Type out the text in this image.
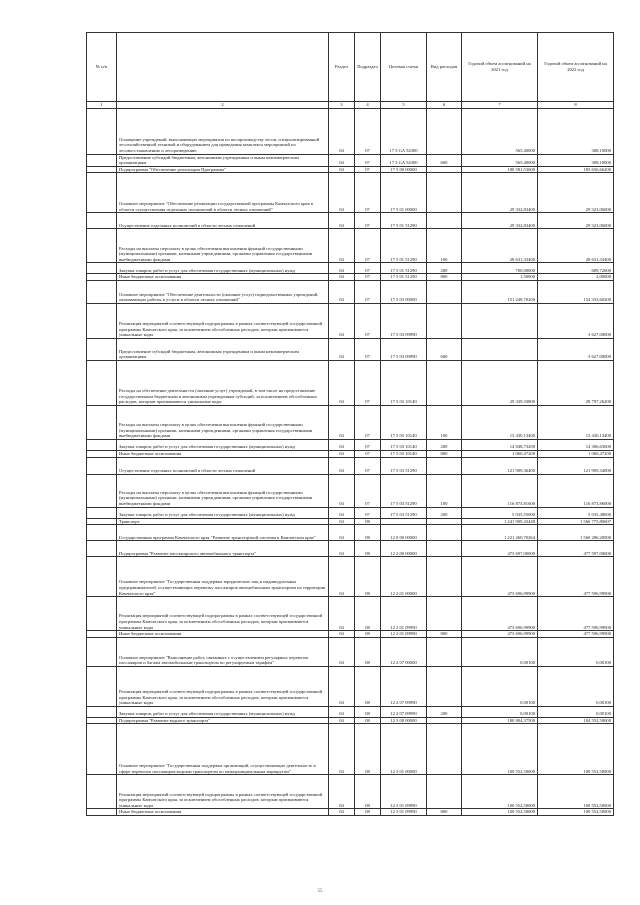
№ п/п		Раздел	Подраздел	Целевая статья	Вид расходов	Годовой объем ассигнований на 2021 год	Годовой объем ассигнований на 2022 год
1	2	3	4	5	6	7	8
	Оснащение учреждений, выполняющих мероприятия по воспроизводству лесов, специализированной лесохозяйственной техникой и оборудованием для проведения комплекса мероприятий по лесовосстановлению и лесоразведению	04	07	17 3 GA 54300		565,40000	308,10000
	Предоставление субсидий бюджетным, автономным учреждениям и иным некоммерческим организациям	04	07	17 3 GA 54300	600	565,40000	308,10000
	Подпрограмма "Обеспечение реализации Программы"	04	07	17 5 00 00000		180 581,53600	183 656,66200
	Основное мероприятие "Обеспечение реализации государственной программы Камчатского края в области осуществления отдельных полномочий в области лесных отношений"	04	07	17 5 01 00000		29 332,83400	29 323,06000
	Осуществление отдельных полномочий в области лесных отношений	04	07	17 5 01 51290		29 332,83400	29 323,06000
	Расходы на выплаты персоналу в целях обеспечения выполнения функций государственными (муниципальными) органами, казенными учреждениями, органами управления государственными внебюджетными фондами	04	07	17 5 01 51290	100	28 631,33400	28 631,33400
	Закупка товаров, работ и услуг для обеспечения государственных (муниципальных) нужд	04	07	17 5 01 51290	200	700,00000	689,72600
	Иные бюджетные ассигнования	04	07	17 5 01 51290	800	1,50000	2,00000
	Основное мероприятие "Обеспечение деятельности (оказание услуг) подведомственных учреждений, оказывающих работы и услуги в области лесных отношений"	04	07	17 5 03 00000		151 248,70200	154 333,60200
	Реализация мероприятий соответствующей подпрограммы в рамках соответствующей государственной программы Камчатского края, за исключением обособленных расходов, которым присваиваются уникальные коды	04	07	17 5 03 09990			3 627,00000
	Предоставление субсидий бюджетным, автономным учреждениям и иным некоммерческим организациям	04	07	17 5 03 09990	600		3 627,00000
	Расходы на обеспечение деятельности (оказание услуг) учреждений, в том числе на предоставление государственным бюджетным и автономным учреждениям субсидий, за исключением обособленных расходов, которым присваиваются уникальные коды	04	07	17 5 03 10140		29 339,33800	28 797,26200
	Расходы на выплаты персоналу в целях обеспечения выполнения функций государственными (муниципальными) органами, казенными учреждениями, органами управления государственными внебюджетными фондами	04	07	17 5 03 10140	100	13 430,13400	13 430,13400
	Закупка товаров, работ и услуг для обеспечения государственных (муниципальных) нужд	04	07	17 5 03 10140	200	14 848,73200	14 306,65600
	Иные бюджетные ассигнования	04	07	17 5 03 10140	800	1 060,47200	1 060,47200
	Осуществление отдельных полномочий в области лесных отношений	04	07	17 5 03 51290		121 909,36400	121 909,34000
	Расходы на выплаты персоналу в целях обеспечения выполнения функций государственными (муниципальными) органами, казенными учреждениями, органами управления государственными внебюджетными фондами	04	07	17 5 03 51290	100	116 873,81600	116 873,86000
	Закупка товаров, работ и услуг для обеспечения государственных (муниципальных) нужд	04	07	17 5 03 51290	200	5 035,55000	5 035,48000
	Транспорт	04	08			1 241 909,43448	1 566 775,80607
	Государственная программа Камчатского края "Развитие транспортной системы в Камчатском крае"	04	08	12 0 00 00000		1 221 260,70264	1 560 286,20000
	Подпрограмма "Развитие пассажирского автомобильного транспорта"	04	08	12 2 00 00000		473 697,00000	477 597,00000
	Основное мероприятие "Государственная поддержка юридических лиц и индивидуальных предпринимателей, осуществляющих перевозку пассажиров автомобильным транспортом на территории Камчатского края"	04	08	12 2 01 00000		473 696,99900	477 596,99900
	Реализация мероприятий соответствующей подпрограммы в рамках соответствующей государственной программы Камчатского края, за исключением обособленных расходов, которым присваиваются уникальные коды	04	08	12 2 01 09990		473 696,99900	477 596,99900
	Иные бюджетные ассигнования	04	08	12 2 01 09990	800	473 696,99900	477 596,99900
	Основное мероприятие "Выполнение работ, связанных с осуществлением регулярных перевозок пассажиров и багажа автомобильным транспортом по регулируемым тарифам"	04	08	12 2 07 00000		0,00100	0,00100
	Реализация мероприятий соответствующей подпрограммы в рамках соответствующей государственной программы Камчатского края, за исключением обособленных расходов, которым присваиваются уникальные коды	04	08	12 2 07 09990		0,00100	0,00100
	Закупка товаров, работ и услуг для обеспечения государственных (муниципальных) нужд	04	08	12 2 07 09990	200	0,00100	0,00100
	Подпрограмма "Развитие водного транспорта"	04	08	12 3 00 00000		180 804,37500	104 552,50000
	Основное мероприятие "Государственная поддержка организаций, осуществляющих деятельность в сфере перевозок пассажиров водным транспортом по межмуниципальным маршрутам"	04	08	12 3 01 00000		100 552,50000	100 552,50000
	Реализация мероприятий соответствующей подпрограммы в рамках соответствующей государственной программы Камчатского края, за исключением обособленных расходов, которым присваиваются уникальные коды	04	08	12 3 01 09990		100 552,50000	100 552,50000
	Иные бюджетные ассигнования	04	08	12 3 01 09990	800	100 552,50000	100 552,50000
55
